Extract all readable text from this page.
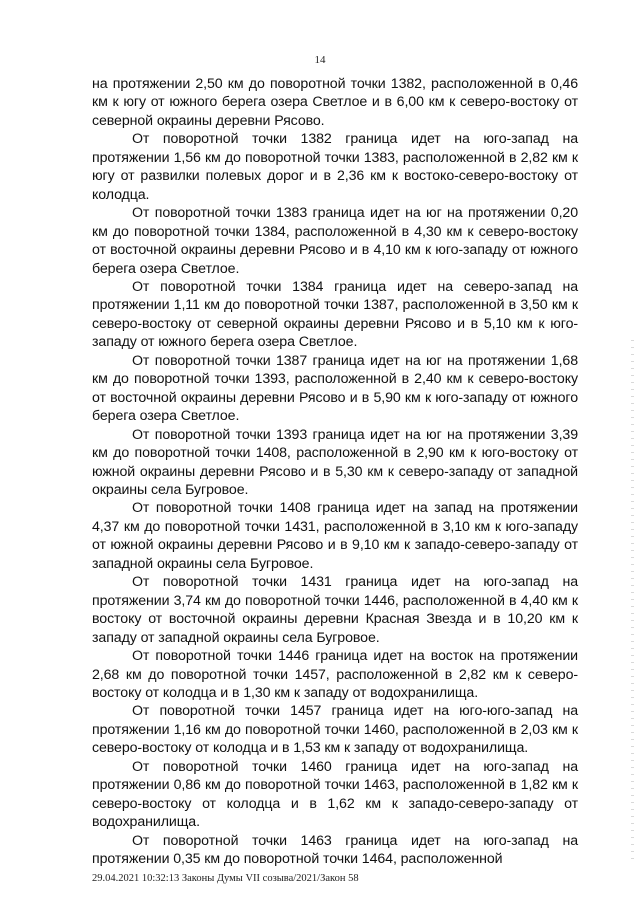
14

на протяжении 2,50 км до поворотной точки 1382, расположенной в 0,46 км к югу от южного берега озера Светлое и в 6,00 км к северо-востоку от северной окраины деревни Рясово.

От поворотной точки 1382 граница идет на юго-запад на протяжении 1,56 км до поворотной точки 1383, расположенной в 2,82 км к югу от развилки полевых дорог и в 2,36 км к востоко-северо-востоку от колодца.

От поворотной точки 1383 граница идет на юг на протяжении 0,20 км до поворотной точки 1384, расположенной в 4,30 км к северо-востоку от восточной окраины деревни Рясово и в 4,10 км к юго-западу от южного берега озера Светлое.

От поворотной точки 1384 граница идет на северо-запад на протяжении 1,11 км до поворотной точки 1387, расположенной в 3,50 км к северо-востоку от северной окраины деревни Рясово и в 5,10 км к юго-западу от южного берега озера Светлое.

От поворотной точки 1387 граница идет на юг на протяжении 1,68 км до поворотной точки 1393, расположенной в 2,40 км к северо-востоку от восточной окраины деревни Рясово и в 5,90 км к юго-западу от южного берега озера Светлое.

От поворотной точки 1393 граница идет на юг на протяжении 3,39 км до поворотной точки 1408, расположенной в 2,90 км к юго-востоку от южной окраины деревни Рясово и в 5,30 км к северо-западу от западной окраины села Бугровое.

От поворотной точки 1408 граница идет на запад на протяжении 4,37 км до поворотной точки 1431, расположенной в 3,10 км к юго-западу от южной окраины деревни Рясово и в 9,10 км к западо-северо-западу от западной окраины села Бугровое.

От поворотной точки 1431 граница идет на юго-запад на протяжении 3,74 км до поворотной точки 1446, расположенной в 4,40 км к востоку от восточной окраины деревни Красная Звезда и в 10,20 км к западу от западной окраины села Бугровое.

От поворотной точки 1446 граница идет на восток на протяжении 2,68 км до поворотной точки 1457, расположенной в 2,82 км к северо-востоку от колодца и в 1,30 км к западу от водохранилища.

От поворотной точки 1457 граница идет на юго-юго-запад на протяжении 1,16 км до поворотной точки 1460, расположенной в 2,03 км к северо-востоку от колодца и в 1,53 км к западу от водохранилища.

От поворотной точки 1460 граница идет на юго-запад на протяжении 0,86 км до поворотной точки 1463, расположенной в 1,82 км к северо-востоку от колодца и в 1,62 км к западо-северо-западу от водохранилища.

От поворотной точки 1463 граница идет на юго-запад на протяжении 0,35 км до поворотной точки 1464, расположенной

29.04.2021 10:32:13 Законы Думы VII созыва/2021/Закон 58
